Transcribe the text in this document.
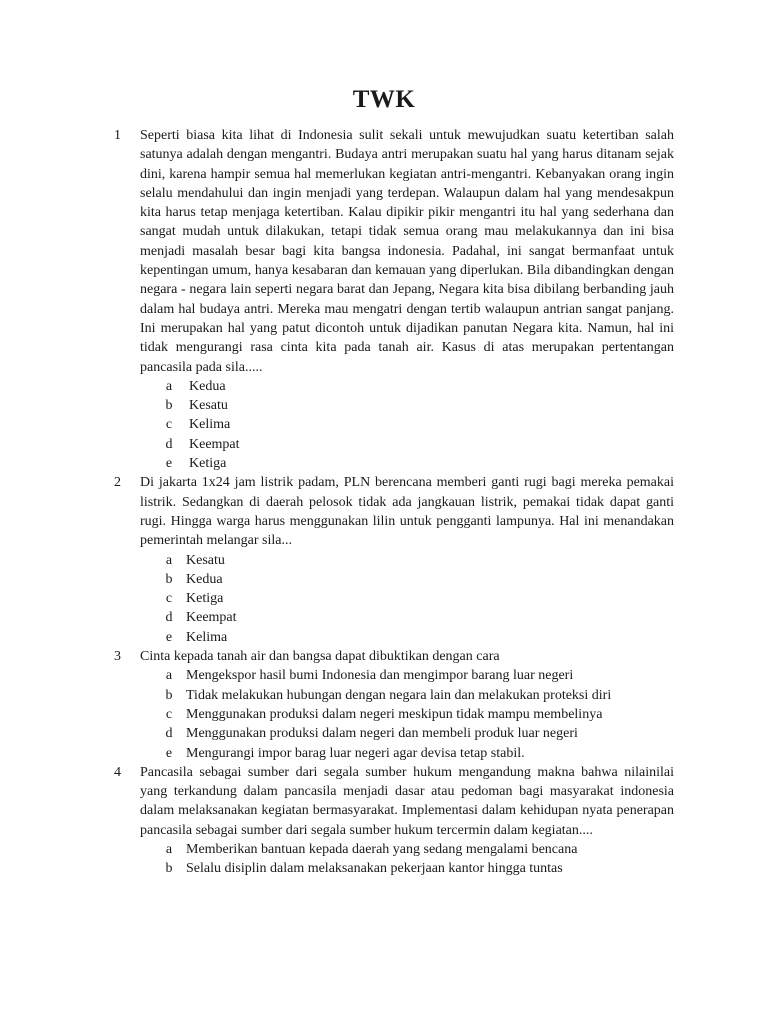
TWK
1	Seperti biasa kita lihat di Indonesia sulit sekali untuk mewujudkan suatu ketertiban salah satunya adalah dengan mengantri. Budaya antri merupakan suatu hal yang harus ditanam sejak dini, karena hampir semua hal memerlukan kegiatan antri-mengantri. Kebanyakan orang ingin selalu mendahului dan ingin menjadi yang terdepan. Walaupun dalam hal yang mendesakpun kita harus tetap menjaga ketertiban. Kalau dipikir pikir mengantri itu hal yang sederhana dan sangat mudah untuk dilakukan, tetapi tidak semua orang mau melakukannya dan ini bisa menjadi masalah besar bagi kita bangsa indonesia. Padahal, ini sangat bermanfaat untuk kepentingan umum, hanya kesabaran dan kemauan yang diperlukan. Bila dibandingkan dengan negara - negara lain seperti negara barat dan Jepang, Negara kita bisa dibilang berbanding jauh dalam hal budaya antri. Mereka mau mengatri dengan tertib walaupun antrian sangat panjang. Ini merupakan hal yang patut dicontoh untuk dijadikan panutan Negara kita. Namun, hal ini tidak mengurangi rasa cinta kita pada tanah air. Kasus di atas merupakan pertentangan pancasila pada sila.....
a Kedua
b Kesatu
c Kelima
d Keempat
e Ketiga
2	Di jakarta 1x24 jam listrik padam, PLN berencana memberi ganti rugi bagi mereka pemakai listrik. Sedangkan di daerah pelosok tidak ada jangkauan listrik, pemakai tidak dapat ganti rugi. Hingga warga harus menggunakan lilin untuk pengganti lampunya. Hal ini menandakan pemerintah melangar sila...
a Kesatu
b Kedua
c Ketiga
d Keempat
e Kelima
3	Cinta kepada tanah air dan bangsa dapat dibuktikan dengan cara
a Mengekspor hasil bumi Indonesia dan mengimpor barang luar negeri
b Tidak melakukan hubungan dengan negara lain dan melakukan proteksi diri
c Menggunakan produksi dalam negeri meskipun tidak mampu membelinya
d Menggunakan produksi dalam negeri dan membeli produk luar negeri
e Mengurangi impor barag luar negeri agar devisa tetap stabil.
4	Pancasila sebagai sumber dari segala sumber hukum mengandung makna bahwa nilainilai yang terkandung dalam pancasila menjadi dasar atau pedoman bagi masyarakat indonesia dalam melaksanakan kegiatan bermasyarakat. Implementasi dalam kehidupan nyata penerapan pancasila sebagai sumber dari segala sumber hukum tercermin dalam kegiatan....
a Memberikan bantuan kepada daerah yang sedang mengalami bencana
b Selalu disiplin dalam melaksanakan pekerjaan kantor hingga tuntas
